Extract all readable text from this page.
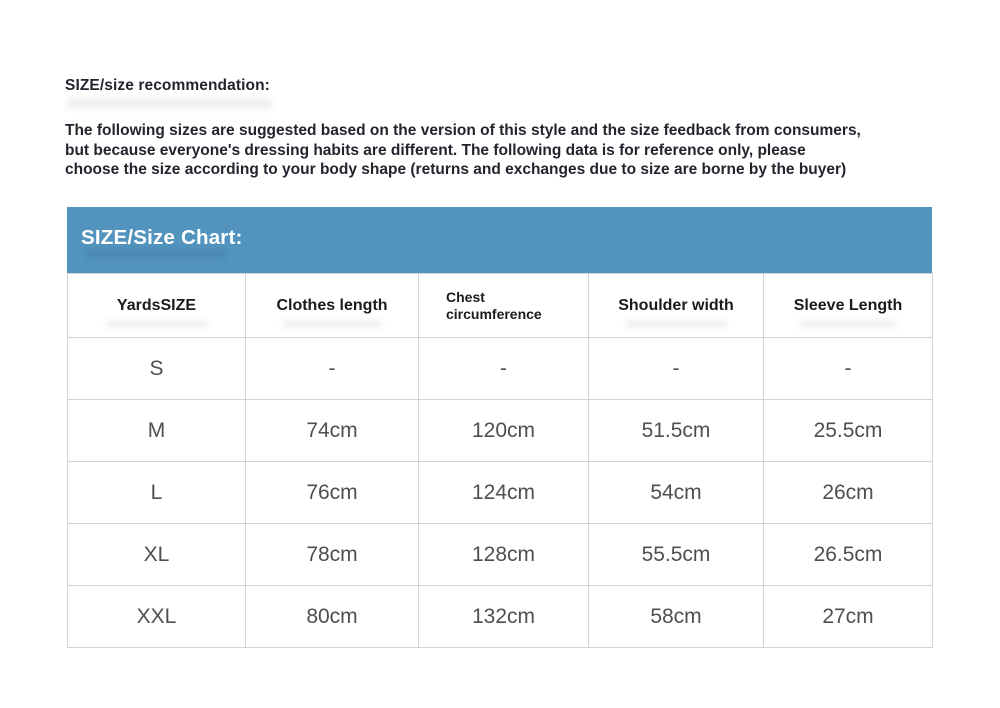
SIZE/size recommendation:
The following sizes are suggested based on the version of this style and the size feedback from consumers,
but because everyone's dressing habits are different. The following data is for reference only, please
choose the size according to your body shape (returns and exchanges due to size are borne by the buyer)
SIZE/Size Chart:
YardsSIZE	Clothes length	Chest circumference	Shoulder width	Sleeve Length

S	-	-	-	-
M	74cm	120cm	51.5cm	25.5cm
L	76cm	124cm	54cm	26cm
XL	78cm	128cm	55.5cm	26.5cm
XXL	80cm	132cm	58cm	27cm
